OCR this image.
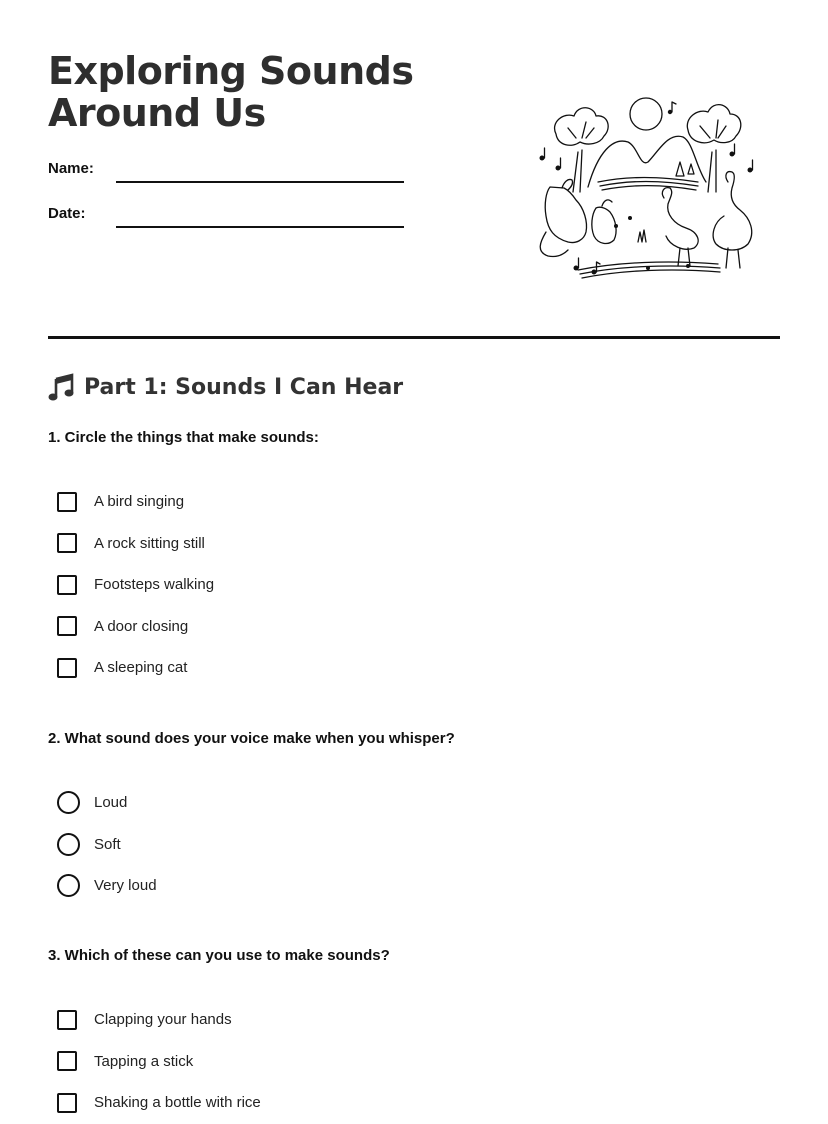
Exploring Sounds
Around Us
Name:
Date:
Part 1: Sounds I Can Hear

1. Circle the things that make sounds:

A bird singing
A rock sitting still
Footsteps walking
A door closing
A sleeping cat

2. What sound does your voice make when you whisper?

Loud
Soft
Very loud

3. Which of these can you use to make sounds?

Clapping your hands
Tapping a stick
Shaking a bottle with rice
